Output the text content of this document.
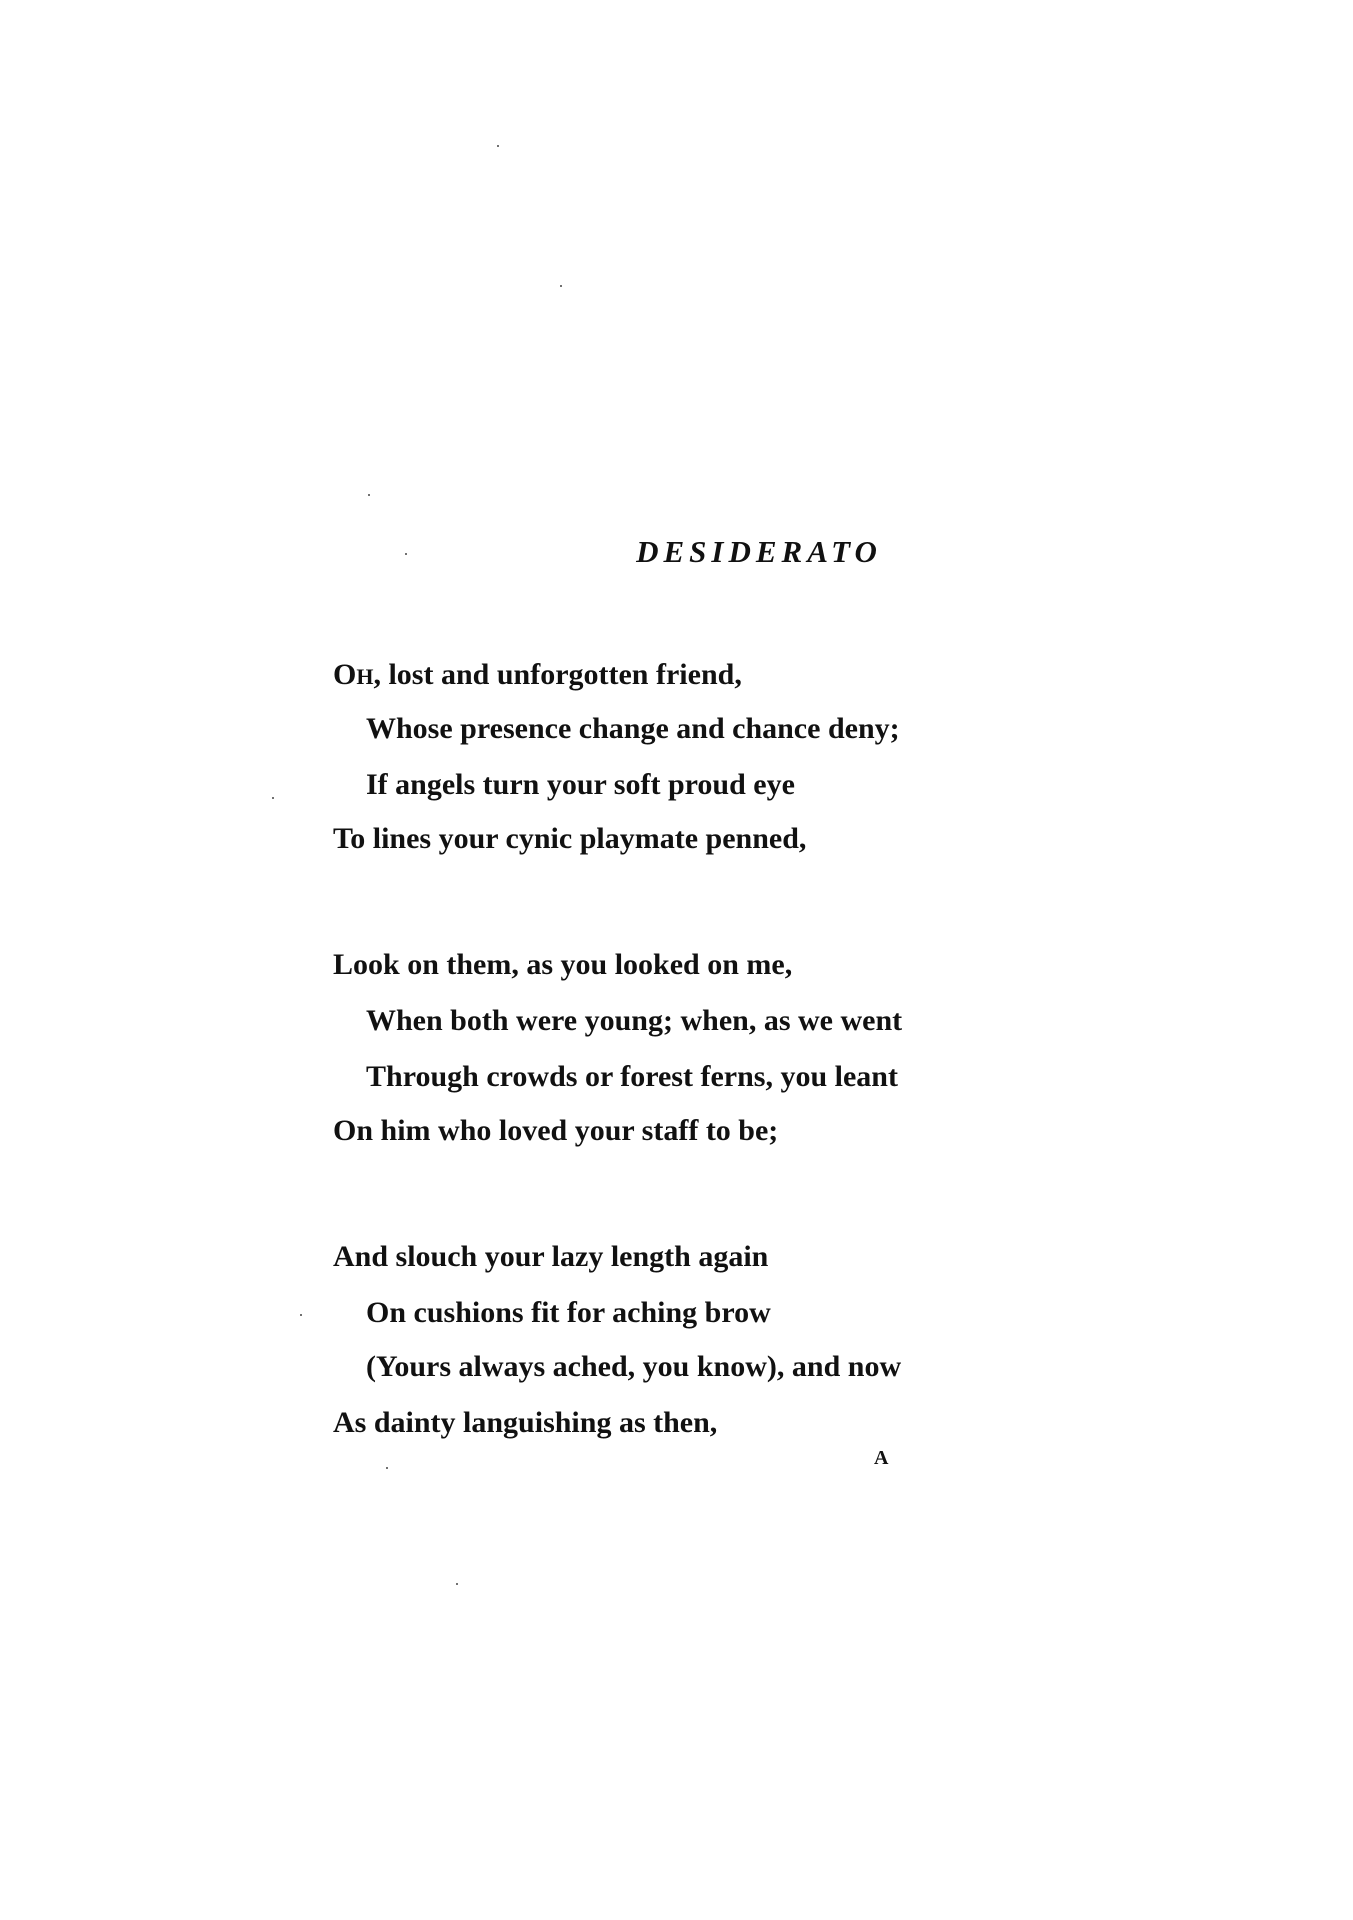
DESIDERATO

OH, lost and unforgotten friend,

Whose presence change and chance deny;

If angels turn your soft proud eye

To lines your cynic playmate penned,

Look on them, as you looked on me,

When both were young; when, as we went

Through crowds or forest ferns, you leant

On him who loved your staff to be;

And slouch your lazy length again

On cushions fit for aching brow

(Yours always ached, you know), and now

As dainty languishing as then,

A
